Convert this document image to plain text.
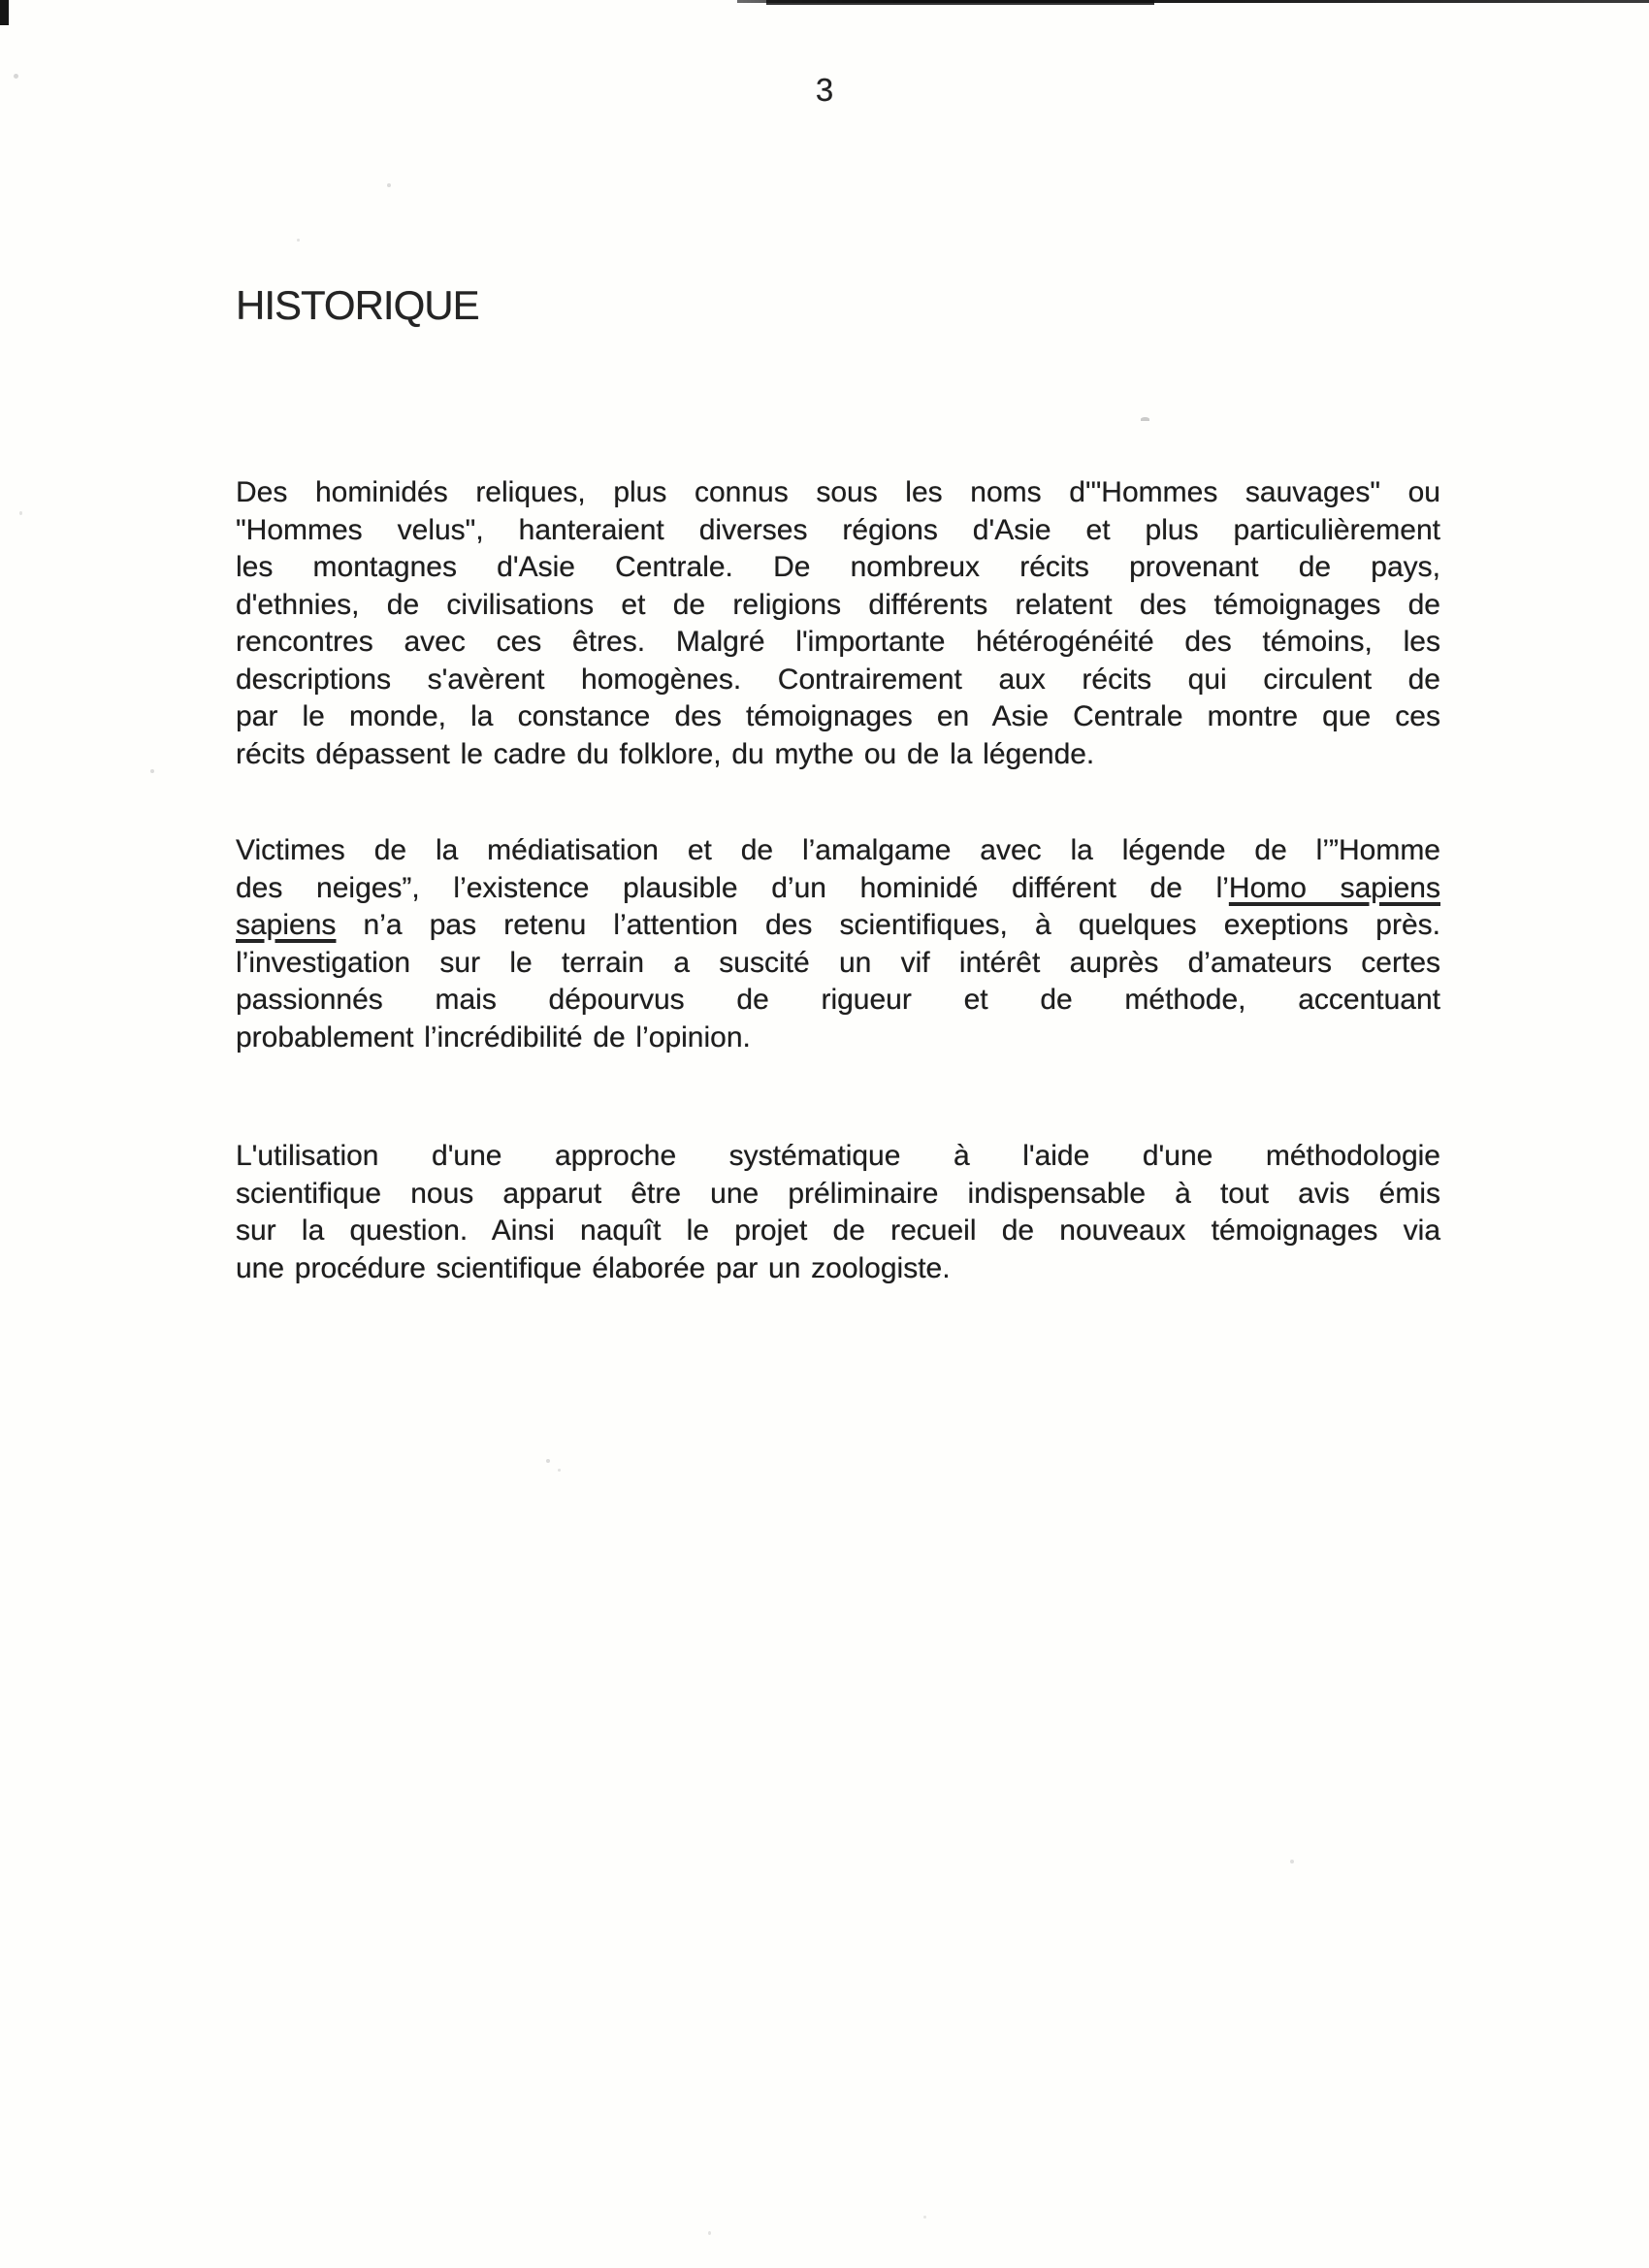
3
HISTORIQUE
Des hominidés reliques, plus connus sous les noms d'"Hommes sauvages" ou
"Hommes velus", hanteraient diverses régions d'Asie et plus particulièrement
les montagnes d'Asie Centrale. De nombreux récits provenant de pays,
d'ethnies, de civilisations et de religions différents relatent des témoignages de
rencontres avec ces êtres. Malgré l'importante hétérogénéité des témoins, les
descriptions s'avèrent homogènes. Contrairement aux récits qui circulent de
par le monde, la constance des témoignages en Asie Centrale montre que ces
récits dépassent le cadre du folklore, du mythe ou de la légende.
Victimes de la médiatisation et de l’amalgame avec la légende de l’”Homme
des neiges”, l’existence plausible d’un hominidé différent de l’Homo sapiens
sapiens n’a pas retenu l’attention des scientifiques, à quelques exeptions près.
l’investigation sur le terrain a suscité un vif intérêt auprès d’amateurs certes
passionnés mais dépourvus de rigueur et de méthode, accentuant
probablement l’incrédibilité de l’opinion.
L'utilisation d'une approche systématique à l'aide d'une méthodologie
scientifique nous apparut être une préliminaire indispensable à tout avis émis
sur la question. Ainsi naquît le projet de recueil de nouveaux témoignages via
une procédure scientifique élaborée par un zoologiste.
